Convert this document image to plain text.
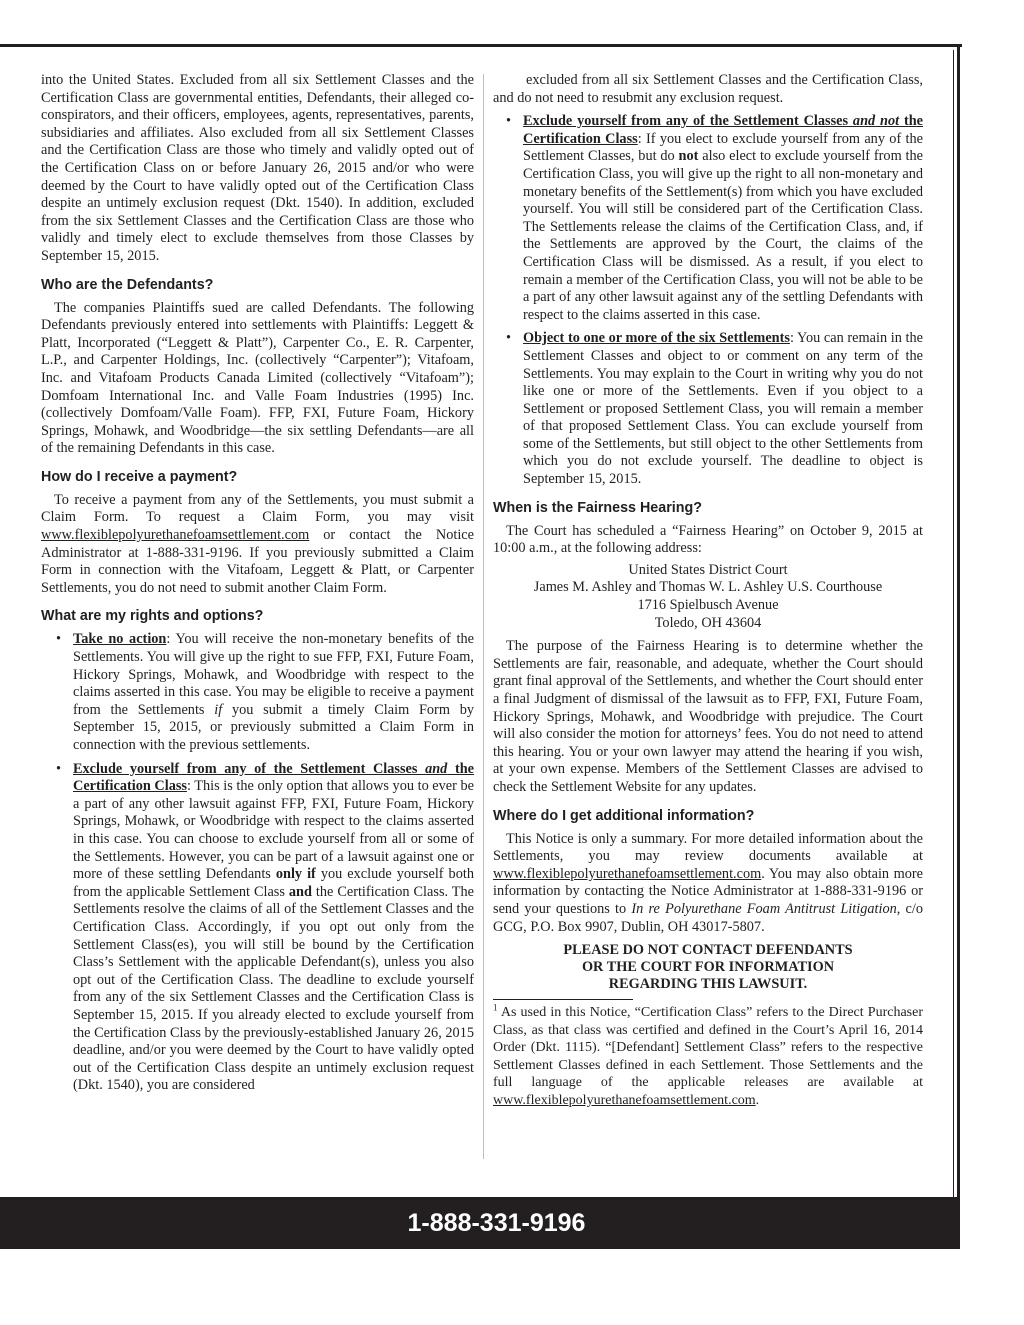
into the United States. Excluded from all six Settlement Classes and the Certification Class are governmental entities, Defendants, their alleged co-conspirators, and their officers, employees, agents, representatives, parents, subsidiaries and affiliates. Also excluded from all six Settlement Classes and the Certification Class are those who timely and validly opted out of the Certification Class on or before January 26, 2015 and/or who were deemed by the Court to have validly opted out of the Certification Class despite an untimely exclusion request (Dkt. 1540). In addition, excluded from the six Settlement Classes and the Certification Class are those who validly and timely elect to exclude themselves from those Classes by September 15, 2015.

Who are the Defendants?

The companies Plaintiffs sued are called Defendants. The following Defendants previously entered into settlements with Plaintiffs: Leggett & Platt, Incorporated (“Leggett & Platt”), Carpenter Co., E. R. Carpenter, L.P., and Carpenter Holdings, Inc. (collectively “Carpenter”); Vitafoam, Inc. and Vitafoam Products Canada Limited (collectively “Vitafoam”); Domfoam International Inc. and Valle Foam Industries (1995) Inc. (collectively Domfoam/Valle Foam). FFP, FXI, Future Foam, Hickory Springs, Mohawk, and Woodbridge—the six settling Defendants—are all of the remaining Defendants in this case.

How do I receive a payment?

To receive a payment from any of the Settlements, you must submit a Claim Form. To request a Claim Form, you may visit www.flexiblepolyurethanefoamsettlement.com or contact the Notice Administrator at 1-888-331-9196. If you previously submitted a Claim Form in connection with the Vitafoam, Leggett & Platt, or Carpenter Settlements, you do not need to submit another Claim Form.

What are my rights and options?
• Take no action: You will receive the non-monetary benefits of the Settlements. You will give up the right to sue FFP, FXI, Future Foam, Hickory Springs, Mohawk, and Woodbridge with respect to the claims asserted in this case. You may be eligible to receive a payment from the Settlements if you submit a timely Claim Form by September 15, 2015, or previously submitted a Claim Form in connection with the previous settlements.
• Exclude yourself from any of the Settlement Classes and the Certification Class: This is the only option that allows you to ever be a part of any other lawsuit against FFP, FXI, Future Foam, Hickory Springs, Mohawk, or Woodbridge with respect to the claims asserted in this case. You can choose to exclude yourself from all or some of the Settlements. However, you can be part of a lawsuit against one or more of these settling Defendants only if you exclude yourself both from the applicable Settlement Class and the Certification Class. The Settlements resolve the claims of all of the Settlement Classes and the Certification Class. Accordingly, if you opt out only from the Settlement Class(es), you will still be bound by the Certification Class’s Settlement with the applicable Defendant(s), unless you also opt out of the Certification Class. The deadline to exclude yourself from any of the six Settlement Classes and the Certification Class is September 15, 2015. If you already elected to exclude yourself from the Certification Class by the previously-established January 26, 2015 deadline, and/or you were deemed by the Court to have validly opted out of the Certification Class despite an untimely exclusion request (Dkt. 1540), you are considered

excluded from all six Settlement Classes and the Certification Class, and do not need to resubmit any exclusion request.

• Exclude yourself from any of the Settlement Classes and not the Certification Class: If you elect to exclude yourself from any of the Settlement Classes, but do not also elect to exclude yourself from the Certification Class, you will give up the right to all non-monetary and monetary benefits of the Settlement(s) from which you have excluded yourself. You will still be considered part of the Certification Class. The Settlements release the claims of the Certification Class, and, if the Settlements are approved by the Court, the claims of the Certification Class will be dismissed. As a result, if you elect to remain a member of the Certification Class, you will not be able to be a part of any other lawsuit against any of the settling Defendants with respect to the claims asserted in this case.
• Object to one or more of the six Settlements: You can remain in the Settlement Classes and object to or comment on any term of the Settlements. You may explain to the Court in writing why you do not like one or more of the Settlements. Even if you object to a Settlement or proposed Settlement Class, you will remain a member of that proposed Settlement Class. You can exclude yourself from some of the Settlements, but still object to the other Settlements from which you do not exclude yourself. The deadline to object is September 15, 2015.
When is the Fairness Hearing?

The Court has scheduled a “Fairness Hearing” on October 9, 2015 at 10:00 a.m., at the following address:

United States District Court
James M. Ashley and Thomas W. L. Ashley U.S. Courthouse
1716 Spielbusch Avenue
Toledo, OH 43604

The purpose of the Fairness Hearing is to determine whether the Settlements are fair, reasonable, and adequate, whether the Court should grant final approval of the Settlements, and whether the Court should enter a final Judgment of dismissal of the lawsuit as to FFP, FXI, Future Foam, Hickory Springs, Mohawk, and Woodbridge with prejudice. The Court will also consider the motion for attorneys’ fees. You do not need to attend this hearing. You or your own lawyer may attend the hearing if you wish, at your own expense. Members of the Settlement Classes are advised to check the Settlement Website for any updates.

Where do I get additional information?

This Notice is only a summary. For more detailed information about the Settlements, you may review documents available at www.flexiblepolyurethanefoamsettlement.com. You may also obtain more information by contacting the Notice Administrator at 1-888-331-9196 or send your questions to In re Polyurethane Foam Antitrust Litigation, c/o GCG, P.O. Box 9907, Dublin, OH 43017-5807.

PLEASE DO NOT CONTACT DEFENDANTS
OR THE COURT FOR INFORMATION
REGARDING THIS LAWSUIT.

$^1$ As used in this Notice, “Certification Class” refers to the Direct Purchaser Class, as that class was certified and defined in the Court’s April 16, 2014 Order (Dkt. 1115). “[Defendant] Settlement Class” refers to the respective Settlement Classes defined in each Settlement. Those Settlements and the full language of the applicable releases are available at www.flexiblepolyurethanefoamsettlement.com.

1-888-331-9196
